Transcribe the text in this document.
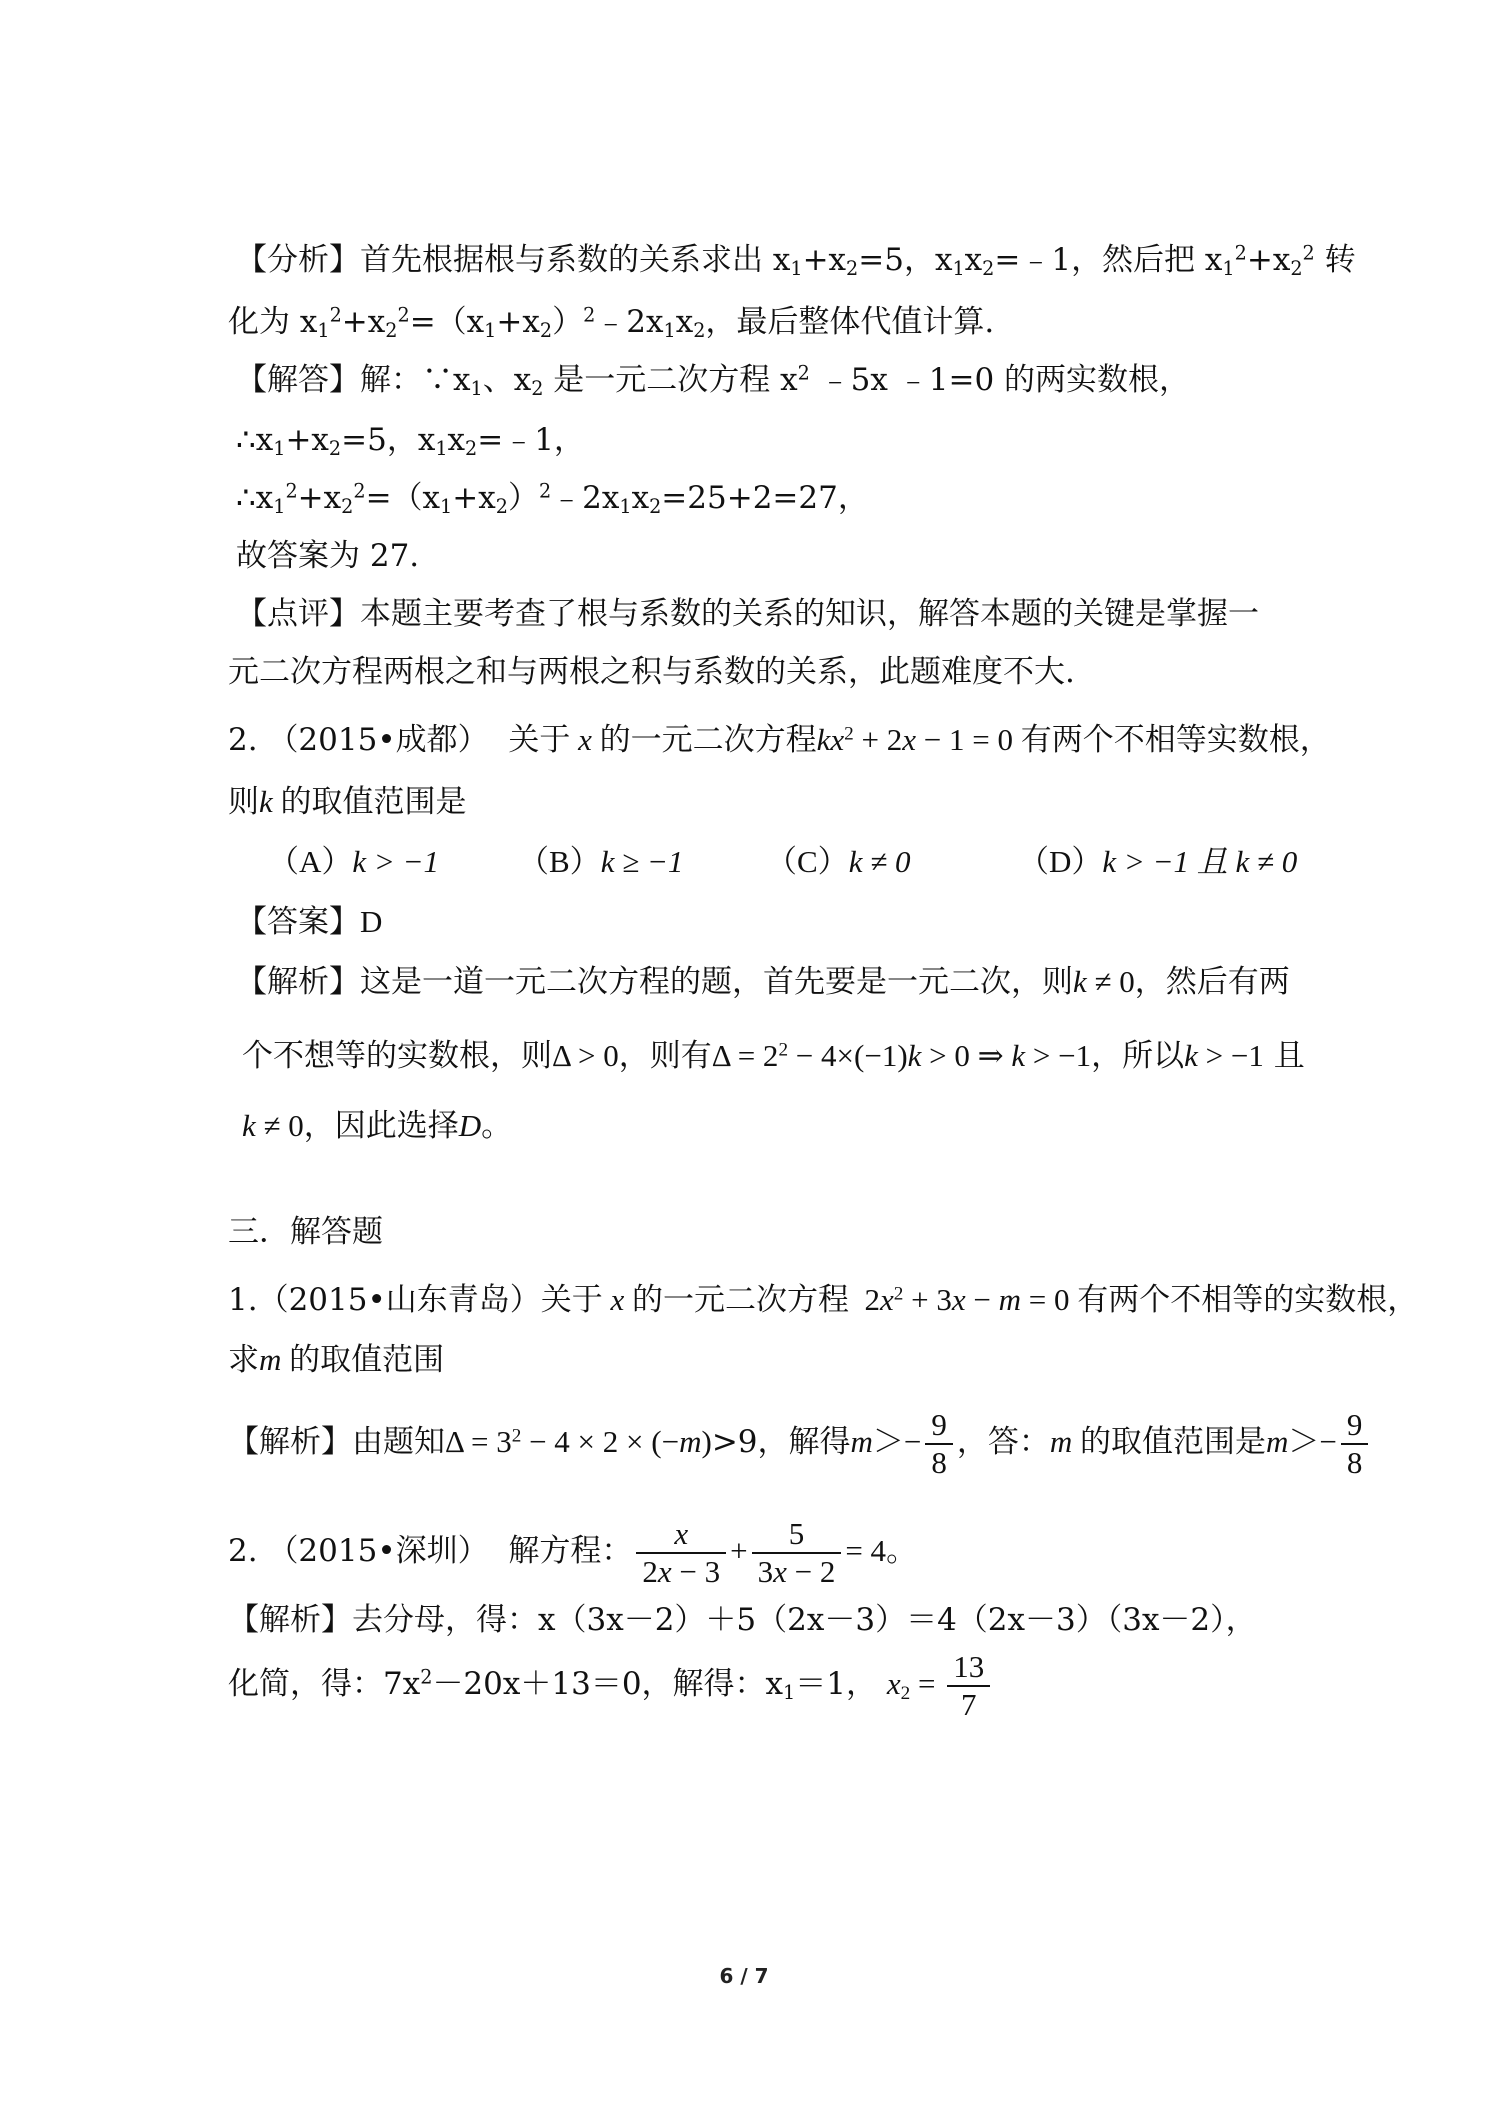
【分析】首先根据根与系数的关系求出 $x_1+x_2=5$，$x_1x_2=﹣1$，然后把 $x_1^2+x_2^2$ 转
化为 $x_1^2+x_2^2=(x_1+x_2)^2﹣2x_1x_2$，最后整体代值计算.
【解答】解：$\because x_1$、$x_2$ 是一元二次方程 $x^2$ ﹣5x ﹣1=0 的两实数根，
$\therefore x_1+x_2=5$，$x_1x_2=﹣1$，
$\therefore x_1^2+x_2^2=(x_1+x_2)^2﹣2x_1x_2=25+2=27$，
故答案为 27.
【点评】本题主要考查了根与系数的关系的知识，解答本题的关键是掌握一
元二次方程两根之和与两根之积与系数的关系，此题难度不大.
2. （2015•成都） 关于 x 的一元二次方程$kx^2 + 2x - 1 = 0$ 有两个不相等实数根，
则k 的取值范围是
（A）k > −1	（B）k ≥ −1	（C）k ≠ 0	（D）k > −1 且 k ≠ 0
【答案】D
【解析】这是一道一元二次方程的题，首先要是一元二次，则k ≠ 0，然后有两
个不想等的实数根，则Δ > 0，则有$\Delta = 2^2 - 4\times(-1)k > 0$ ⇒ k > −1，所以k > −1 且
k ≠ 0，因此选择D。
三．解答题
1.（2015•山东青岛）关于 x 的一元二次方程  $2x^2 + 3x - m = 0$ 有两个不相等的实数根，
求m 的取值范围
【解析】由题知$\Delta = 3^2 - 4 \times 2 \times (-m)>9$，解得$m>- \frac{9}{8}$ ，答：m 的取值范围是$m>- \frac{9}{8}$
2. （2015•深圳） 解方程： $\frac{x}{2x - 3} + \frac{5}{3x - 2} = 4$。
【解析】去分母，得：x（3x－2）＋5（2x－3）＝4（2x－3）（3x－2），
化简，得：$7x^2-20x+13=0$，解得：$x_1=1$， $x_2 = \frac{13}{7}$
6 / 7
